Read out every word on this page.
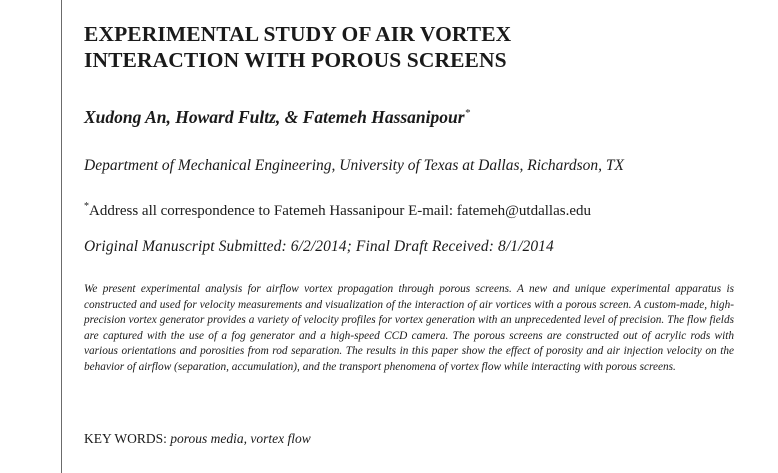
EXPERIMENTAL STUDY OF AIR VORTEX
INTERACTION WITH POROUS SCREENS

Xudong An, Howard Fultz, & Fatemeh Hassanipour*

Department of Mechanical Engineering, University of Texas at Dallas, Richardson, TX

*Address all correspondence to Fatemeh Hassanipour E-mail: fatemeh@utdallas.edu

Original Manuscript Submitted: 6/2/2014; Final Draft Received: 8/1/2014

We present experimental analysis for airflow vortex propagation through porous screens. A new and unique experimental apparatus is constructed and used for velocity measurements and visualization of the interaction of air vortices with a porous screen. A custom-made, high-precision vortex generator provides a variety of velocity profiles for vortex generation with an unprecedented level of precision. The flow fields are captured with the use of a fog generator and a high-speed CCD camera. The porous screens are constructed out of acrylic rods with various orientations and porosities from rod separation. The results in this paper show the effect of porosity and air injection velocity on the behavior of airflow (separation, accumulation), and the transport phenomena of vortex flow while interacting with porous screens.

KEY WORDS: porous media, vortex flow
